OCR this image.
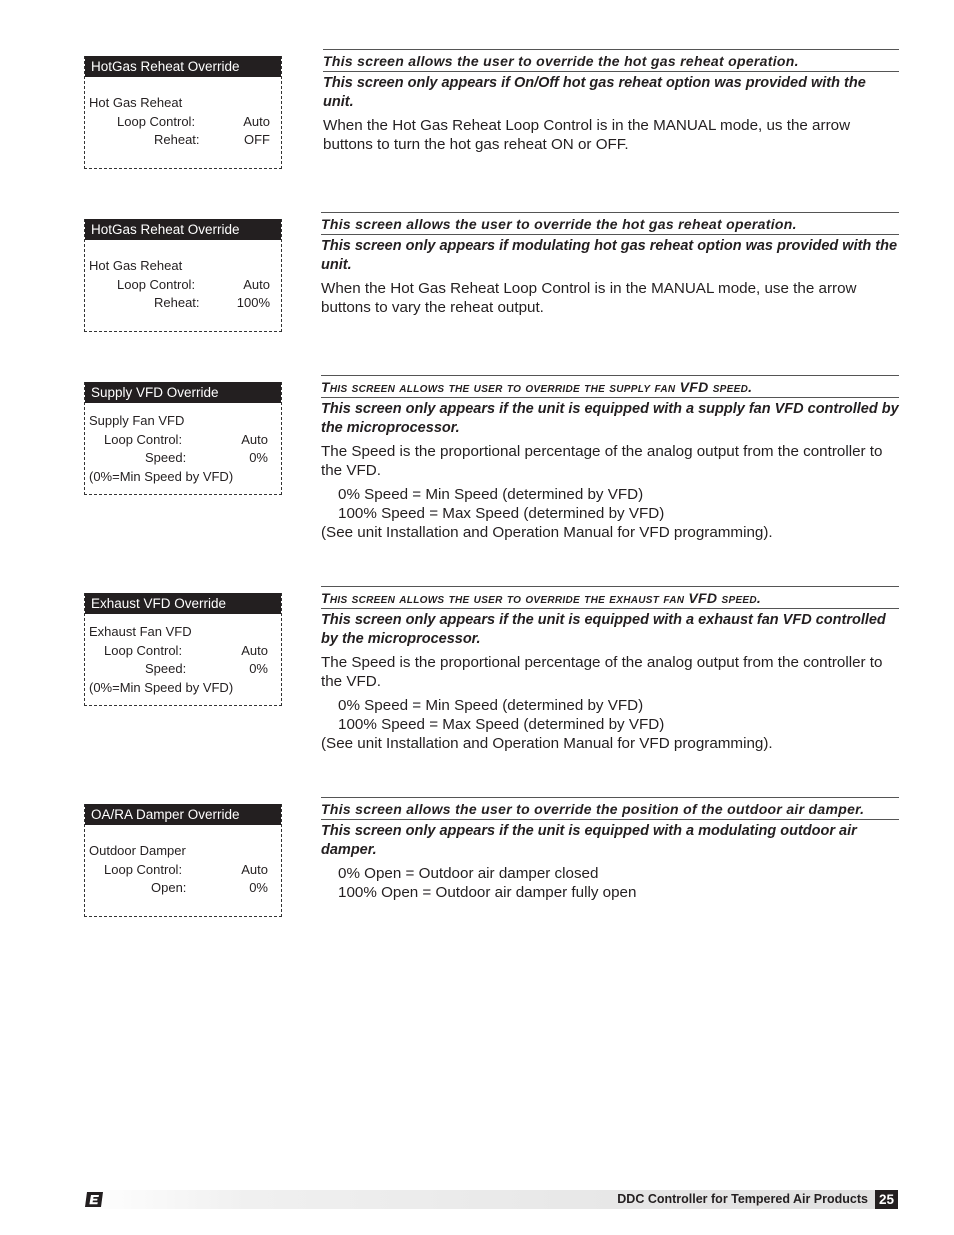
HotGas Reheat Override
Hot Gas Reheat
Loop Control:	Auto
Reheat:	OFF
This screen allows the user to override the hot gas reheat operation.
This screen only appears if On/Off hot gas reheat option was provided with the unit.
When the Hot Gas Reheat Loop Control is in the MANUAL mode, us the arrow buttons to turn the hot gas reheat ON or OFF.
HotGas Reheat Override
Hot Gas Reheat
Loop Control:	Auto
Reheat:	100%
This screen allows the user to override the hot gas reheat operation.
This screen only appears if modulating hot gas reheat option was provided with the unit.
When the Hot Gas Reheat Loop Control is in the MANUAL mode, use the arrow buttons to vary the reheat output.
Supply VFD Override
Supply Fan VFD
Loop Control:	Auto
Speed:	0%
(0%=Min Speed by VFD)
This screen allows the user to override the supply fan VFD speed.
This screen only appears if the unit is equipped with a supply fan VFD controlled by the microprocessor.
The Speed is the proportional percentage of the analog output from the controller to the VFD.
0% Speed = Min Speed (determined by VFD)
100% Speed = Max Speed (determined by VFD)
(See unit Installation and Operation Manual for VFD programming).
Exhaust VFD Override
Exhaust Fan VFD
Loop Control:	Auto
Speed:	0%
(0%=Min Speed by VFD)
This screen allows the user to override the exhaust fan VFD speed.
This screen only appears if the unit is equipped with a exhaust fan VFD controlled by the microprocessor.
The Speed is the proportional percentage of the analog output from the controller to the VFD.
0% Speed = Min Speed (determined by VFD)
100% Speed = Max Speed (determined by VFD)
(See unit Installation and Operation Manual for VFD programming).
OA/RA Damper Override
Outdoor Damper
Loop Control:	Auto
Open:	0%
This screen allows the user to override the position of the outdoor air damper.
This screen only appears if the unit is equipped with a modulating outdoor air damper.
0% Open = Outdoor air damper closed
100% Open = Outdoor air damper fully open
DDC Controller for Tempered Air Products 25
